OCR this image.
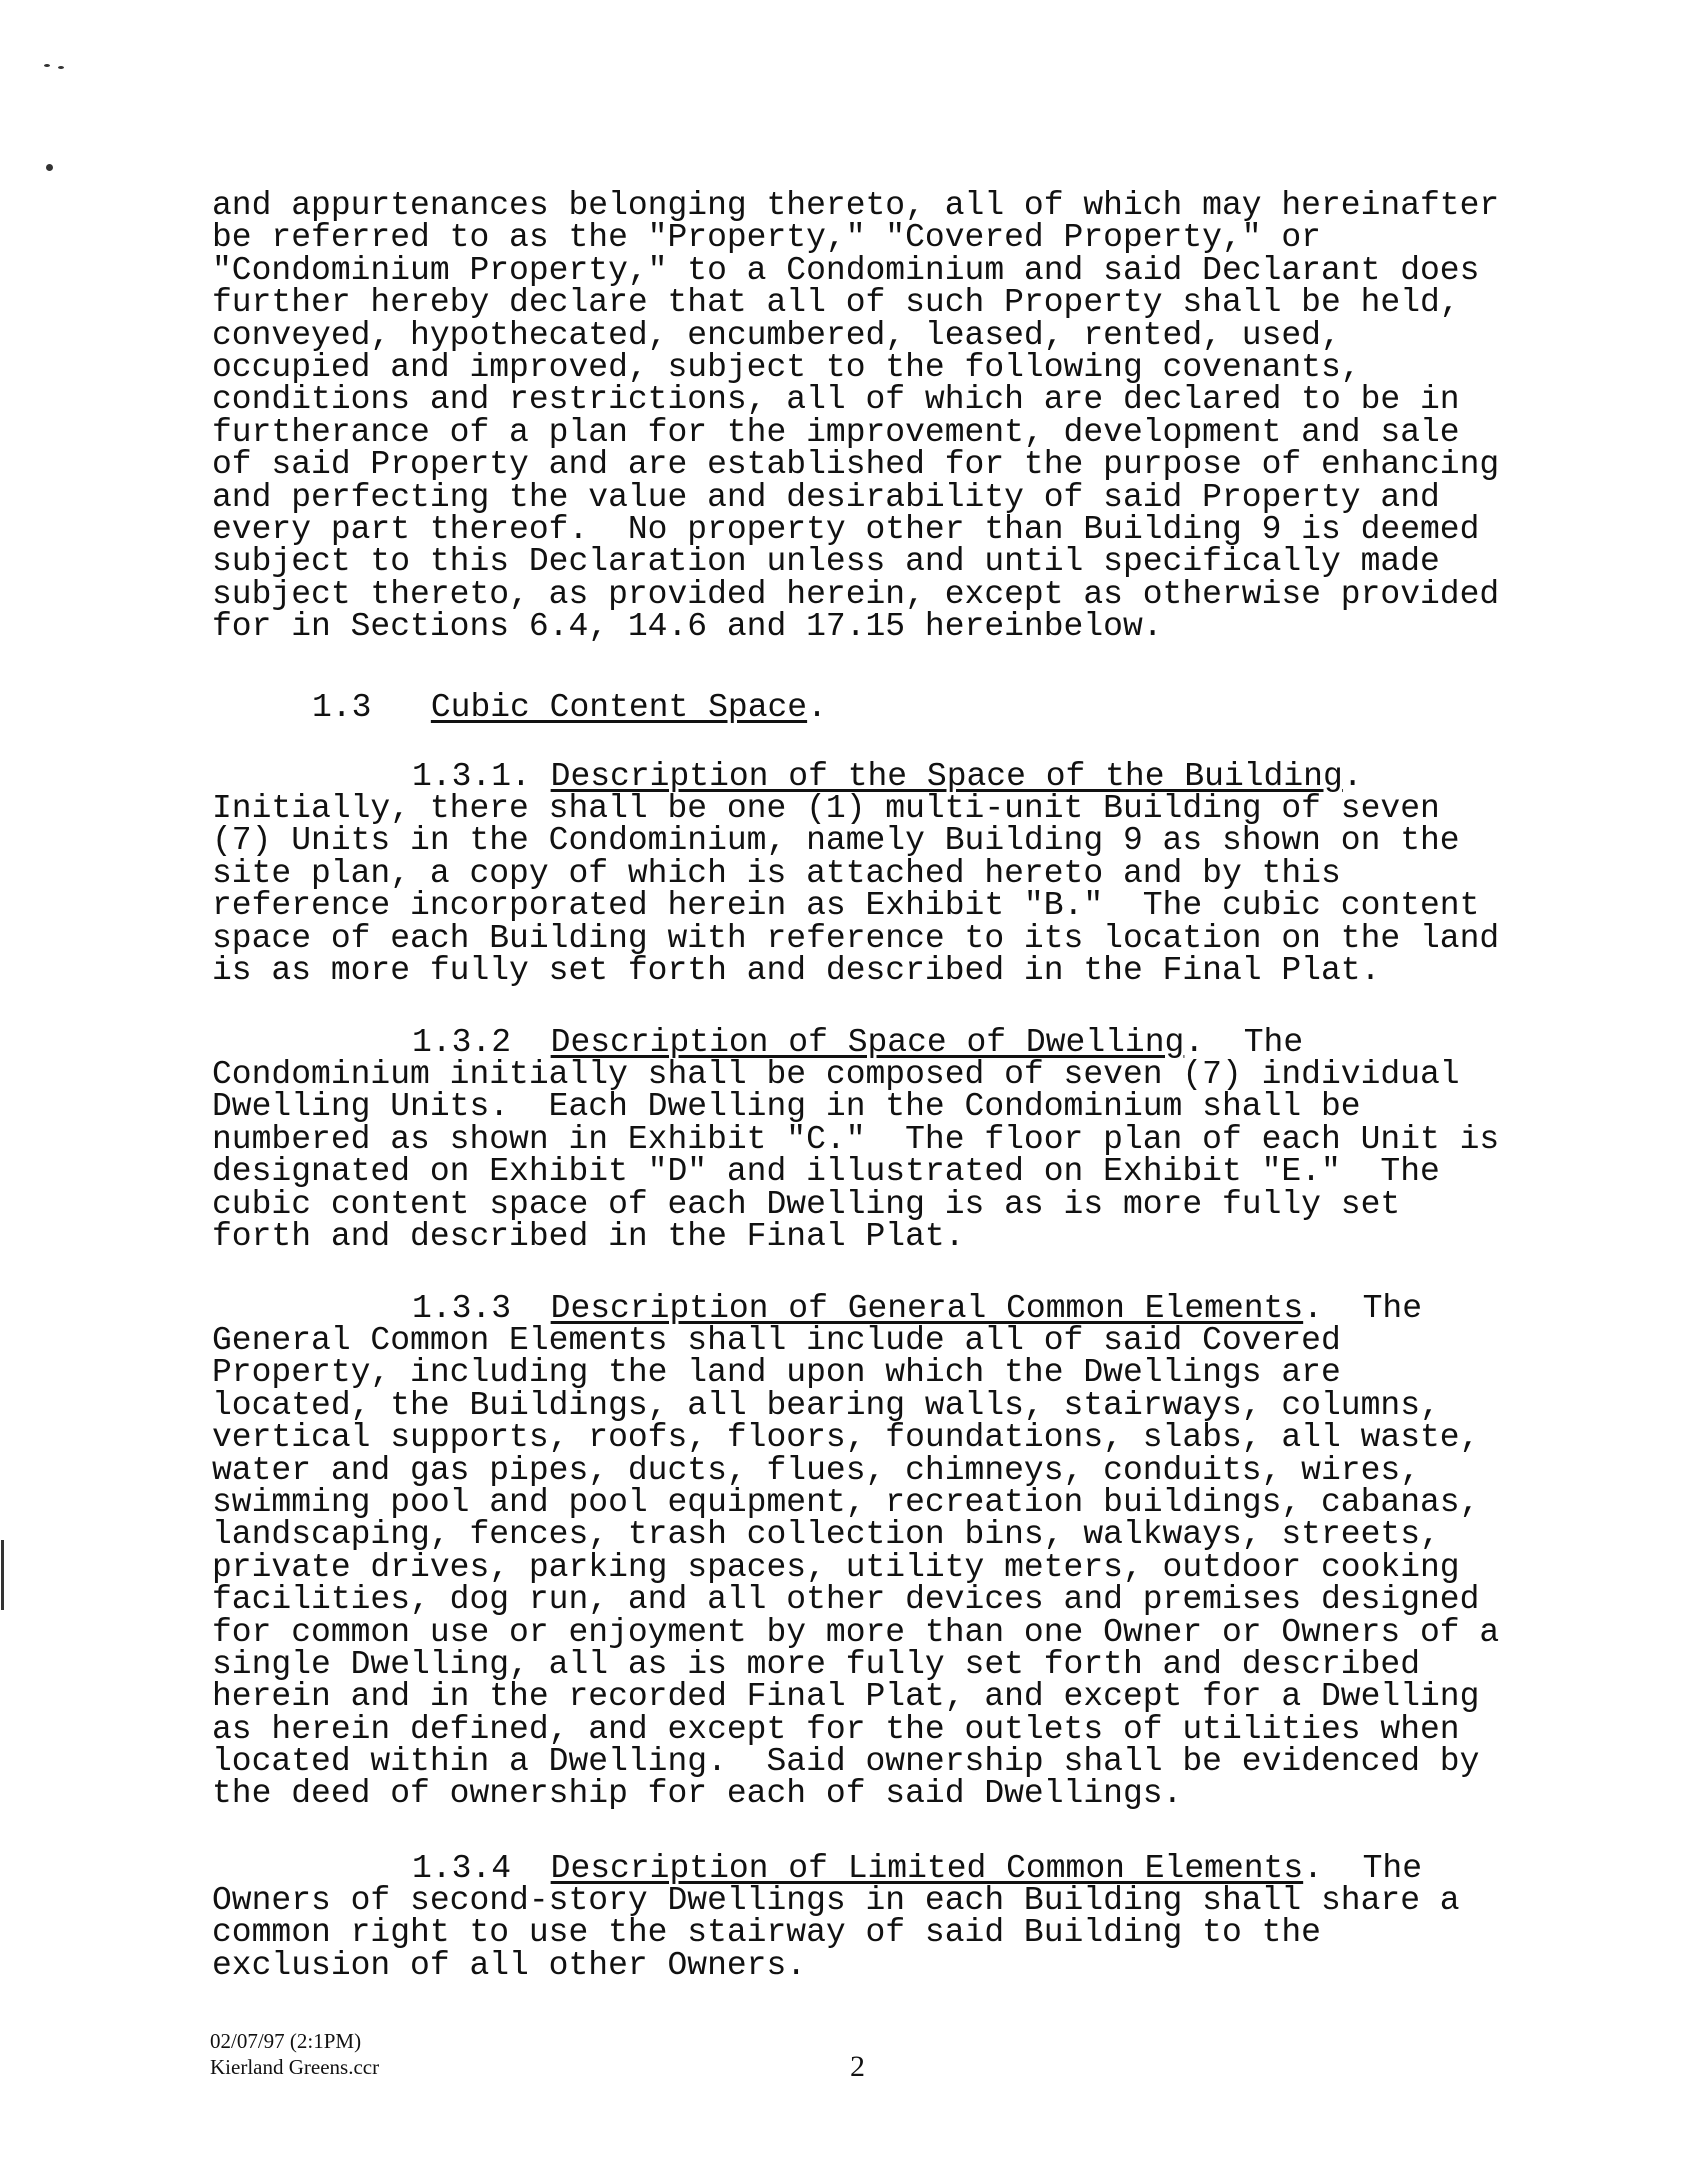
and appurtenances belonging thereto, all of which may hereinafter
be referred to as the "Property," "Covered Property," or
"Condominium Property," to a Condominium and said Declarant does
further hereby declare that all of such Property shall be held,
conveyed, hypothecated, encumbered, leased, rented, used,
occupied and improved, subject to the following covenants,
conditions and restrictions, all of which are declared to be in
furtherance of a plan for the improvement, development and sale
of said Property and are established for the purpose of enhancing
and perfecting the value and desirability of said Property and
every part thereof.  No property other than Building 9 is deemed
subject to this Declaration unless and until specifically made
subject thereto, as provided herein, except as otherwise provided
for in Sections 6.4, 14.6 and 17.15 hereinbelow.
1.3 Cubic Content Space.
1.3.1. Description of the Space of the Building.
Initially, there shall be one (1) multi-unit Building of seven
(7) Units in the Condominium, namely Building 9 as shown on the
site plan, a copy of which is attached hereto and by this
reference incorporated herein as Exhibit "B."  The cubic content
space of each Building with reference to its location on the land
is as more fully set forth and described in the Final Plat.
1.3.2 Description of Space of Dwelling.  The
Condominium initially shall be composed of seven (7) individual
Dwelling Units.  Each Dwelling in the Condominium shall be
numbered as shown in Exhibit "C."  The floor plan of each Unit is
designated on Exhibit "D" and illustrated on Exhibit "E."  The
cubic content space of each Dwelling is as is more fully set
forth and described in the Final Plat.
1.3.3 Description of General Common Elements.  The
General Common Elements shall include all of said Covered
Property, including the land upon which the Dwellings are
located, the Buildings, all bearing walls, stairways, columns,
vertical supports, roofs, floors, foundations, slabs, all waste,
water and gas pipes, ducts, flues, chimneys, conduits, wires,
swimming pool and pool equipment, recreation buildings, cabanas,
landscaping, fences, trash collection bins, walkways, streets,
private drives, parking spaces, utility meters, outdoor cooking
facilities, dog run, and all other devices and premises designed
for common use or enjoyment by more than one Owner or Owners of a
single Dwelling, all as is more fully set forth and described
herein and in the recorded Final Plat, and except for a Dwelling
as herein defined, and except for the outlets of utilities when
located within a Dwelling.  Said ownership shall be evidenced by
the deed of ownership for each of said Dwellings.
1.3.4 Description of Limited Common Elements.  The
Owners of second-story Dwellings in each Building shall share a
common right to use the stairway of said Building to the
exclusion of all other Owners.
02/07/97 (2:1PM)
Kierland Greens.ccr	2
